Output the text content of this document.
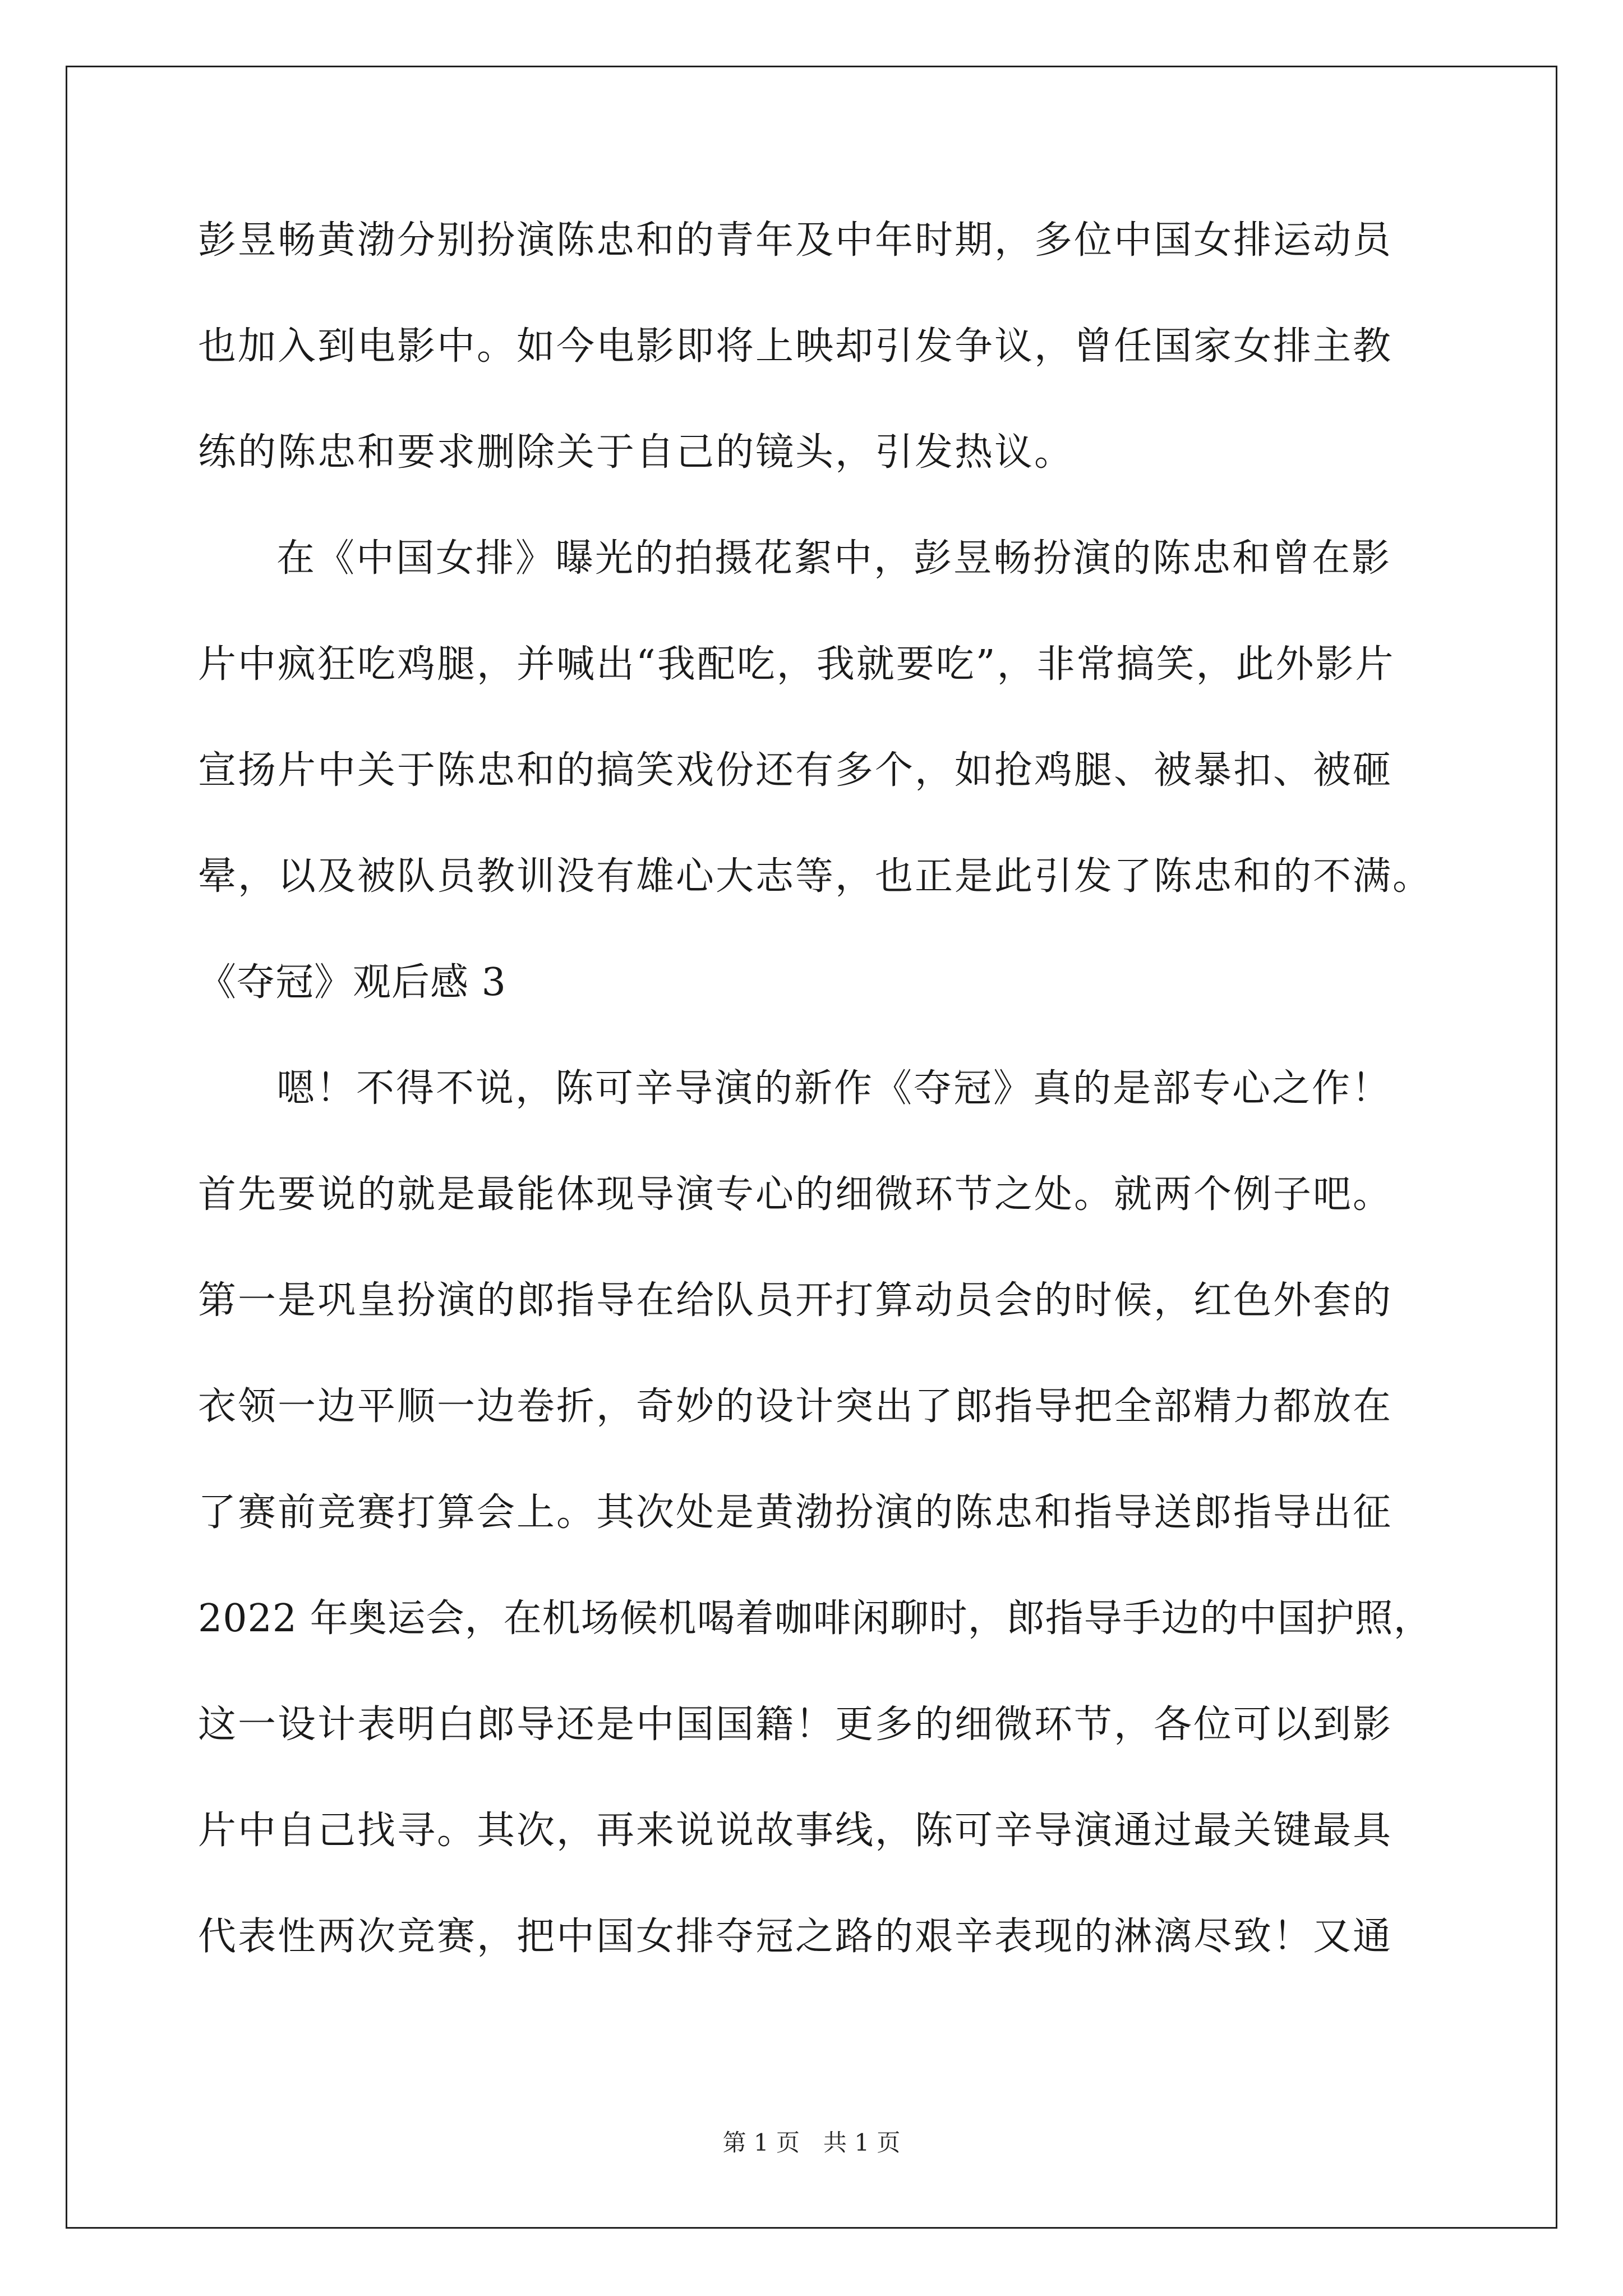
彭昱畅黄渤分别扮演陈忠和的青年及中年时期，多位中国女排运动员
也加入到电影中。如今电影即将上映却引发争议，曾任国家女排主教
练的陈忠和要求删除关于自己的镜头，引发热议。
在《中国女排》曝光的拍摄花絮中，彭昱畅扮演的陈忠和曾在影
片中疯狂吃鸡腿，并喊出“我配吃，我就要吃”，非常搞笑，此外影片
宣扬片中关于陈忠和的搞笑戏份还有多个，如抢鸡腿、被暴扣、被砸
晕，以及被队员教训没有雄心大志等，也正是此引发了陈忠和的不满。
《夺冠》观后感 3
嗯！不得不说，陈可辛导演的新作《夺冠》真的是部专心之作！
首先要说的就是最能体现导演专心的细微环节之处。就两个例子吧。
第一是巩皇扮演的郎指导在给队员开打算动员会的时候，红色外套的
衣领一边平顺一边卷折，奇妙的设计突出了郎指导把全部精力都放在
了赛前竞赛打算会上。其次处是黄渤扮演的陈忠和指导送郎指导出征
2022 年奥运会，在机场候机喝着咖啡闲聊时，郎指导手边的中国护照，
这一设计表明白郎导还是中国国籍！更多的细微环节，各位可以到影
片中自己找寻。其次，再来说说故事线，陈可辛导演通过最关键最具
代表性两次竞赛，把中国女排夺冠之路的艰辛表现的淋漓尽致！又通
第 1 页　共 1 页
